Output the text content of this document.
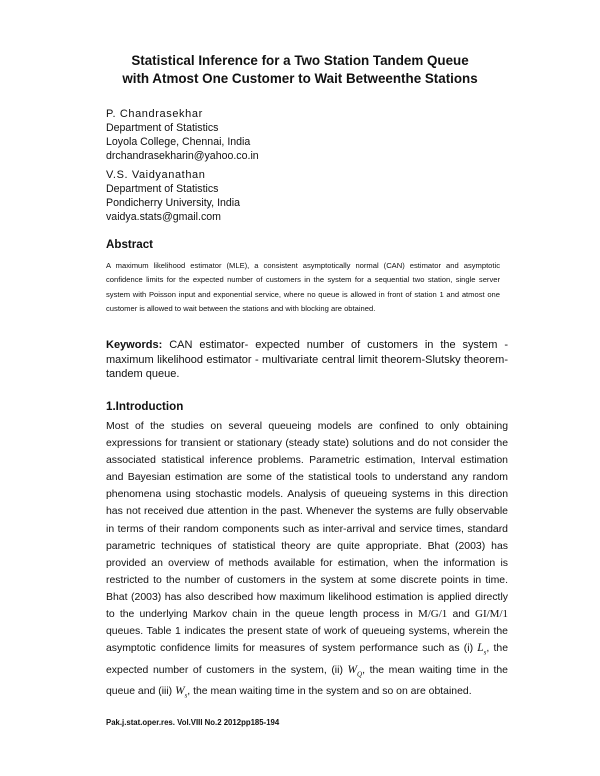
Statistical Inference for a Two Station Tandem Queue
with Atmost One Customer to Wait Betweenthe Stations
P. Chandrasekhar
Department of Statistics
Loyola College, Chennai, India
drchandrasekharin@yahoo.co.in
V.S. Vaidyanathan
Department of Statistics
Pondicherry University, India
vaidya.stats@gmail.com
Abstract
A maximum likelihood estimator (MLE), a consistent asymptotically normal (CAN) estimator and asymptotic confidence limits for the expected number of customers in the system for a sequential two station, single server system with Poisson input and exponential service, where no queue is allowed in front of station 1 and atmost one customer is allowed to wait between the stations and with blocking are obtained.
Keywords: CAN estimator- expected number of customers in the system - maximum likelihood estimator - multivariate central limit theorem-Slutsky theorem-tandem queue.
1.Introduction
Most of the studies on several queueing models are confined to only obtaining expressions for transient or stationary (steady state) solutions and do not consider the associated statistical inference problems. Parametric estimation, Interval estimation and Bayesian estimation are some of the statistical tools to understand any random phenomena using stochastic models. Analysis of queueing systems in this direction has not received due attention in the past. Whenever the systems are fully observable in terms of their random components such as inter-arrival and service times, standard parametric techniques of statistical theory are quite appropriate. Bhat (2003) has provided an overview of methods available for estimation, when the information is restricted to the number of customers in the system at some discrete points in time. Bhat (2003) has also described how maximum likelihood estimation is applied directly to the underlying Markov chain in the queue length process in M/G/1 and GI/M/1 queues. Table 1 indicates the present state of work of queueing systems, wherein the asymptotic confidence limits for measures of system performance such as (i) $L_s$, the expected number of customers in the system, (ii) $W_Q$, the mean waiting time in the queue and (iii) $W_s$, the mean waiting time in the system and so on are obtained.
Pak.j.stat.oper.res. Vol.VIII No.2 2012pp185-194
